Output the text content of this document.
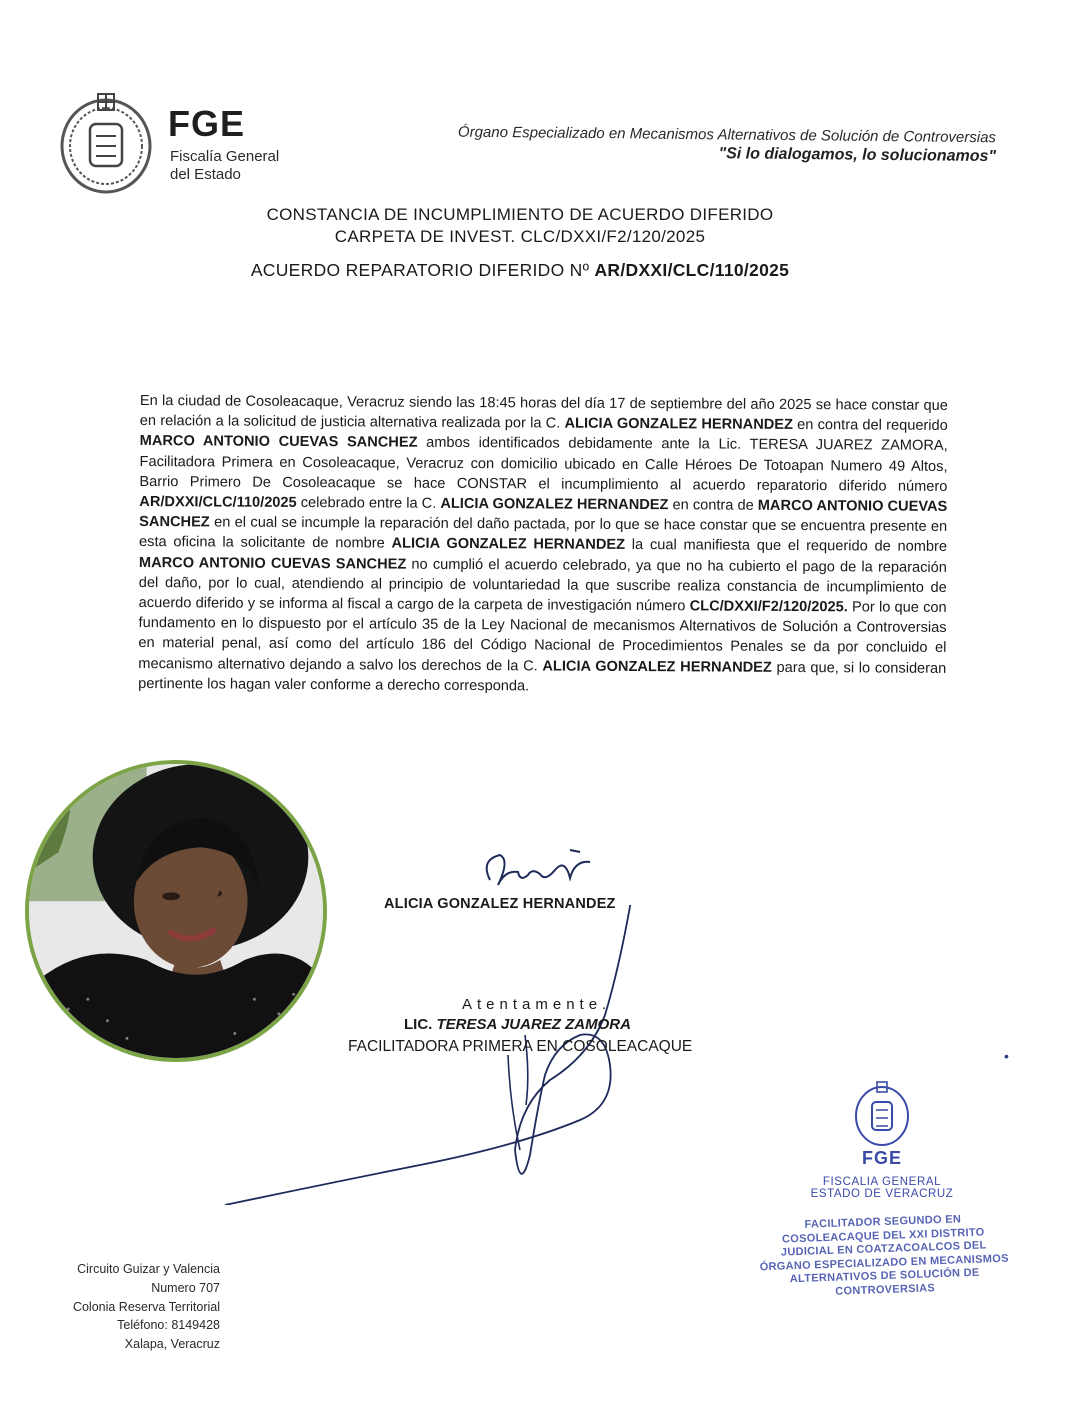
FGE
Fiscalía General
del Estado
Órgano Especializado en Mecanismos Alternativos de Solución de Controversias
"Si lo dialogamos, lo solucionamos"
CONSTANCIA DE INCUMPLIMIENTO DE ACUERDO DIFERIDO
CARPETA DE INVEST. CLC/DXXI/F2/120/2025
ACUERDO REPARATORIO DIFERIDO Nº AR/DXXI/CLC/110/2025
En la ciudad de Cosoleacaque, Veracruz siendo las 18:45 horas del día 17 de septiembre del año 2025 se hace constar que en relación a la solicitud de justicia alternativa realizada por la C. ALICIA GONZALEZ HERNANDEZ en contra del requerido MARCO ANTONIO CUEVAS SANCHEZ ambos identificados debidamente ante la Lic. TERESA JUAREZ ZAMORA, Facilitadora Primera en Cosoleacaque, Veracruz con domicilio ubicado en Calle Héroes De Totoapan Numero 49 Altos, Barrio Primero De Cosoleacaque se hace CONSTAR el incumplimiento al acuerdo reparatorio diferido número AR/DXXI/CLC/110/2025 celebrado entre la C. ALICIA GONZALEZ HERNANDEZ en contra de MARCO ANTONIO CUEVAS SANCHEZ en el cual se incumple la reparación del daño pactada, por lo que se hace constar que se encuentra presente en esta oficina la solicitante de nombre ALICIA GONZALEZ HERNANDEZ la cual manifiesta que el requerido de nombre MARCO ANTONIO CUEVAS SANCHEZ no cumplió el acuerdo celebrado, ya que no ha cubierto el pago de la reparación del daño, por lo cual, atendiendo al principio de voluntariedad la que suscribe realiza constancia de incumplimiento de acuerdo diferido y se informa al fiscal a cargo de la carpeta de investigación número CLC/DXXI/F2/120/2025. Por lo que con fundamento en lo dispuesto por el artículo 35 de la Ley Nacional de mecanismos Alternativos de Solución a Controversias en material penal, así como del artículo 186 del Código Nacional de Procedimientos Penales se da por concluido el mecanismo alternativo dejando a salvo los derechos de la C. ALICIA GONZALEZ HERNANDEZ para que, si lo consideran pertinente los hagan valer conforme a derecho corresponda.
ALICIA GONZALEZ HERNANDEZ
Atentamente.
LIC. TERESA JUAREZ ZAMORA
FACILITADORA PRIMERA EN COSOLEACAQUE
•
FGE
FISCALIA GENERAL
ESTADO DE VERACRUZ
FACILITADOR SEGUNDO EN COSOLEACAQUE DEL XXI DISTRITO JUDICIAL EN COATZACOALCOS DEL ÓRGANO ESPECIALIZADO EN MECANISMOS ALTERNATIVOS DE SOLUCIÓN DE CONTROVERSIAS
Circuito Guizar y Valencia
Numero 707
Colonia Reserva Territorial
Teléfono: 8149428
Xalapa, Veracruz
